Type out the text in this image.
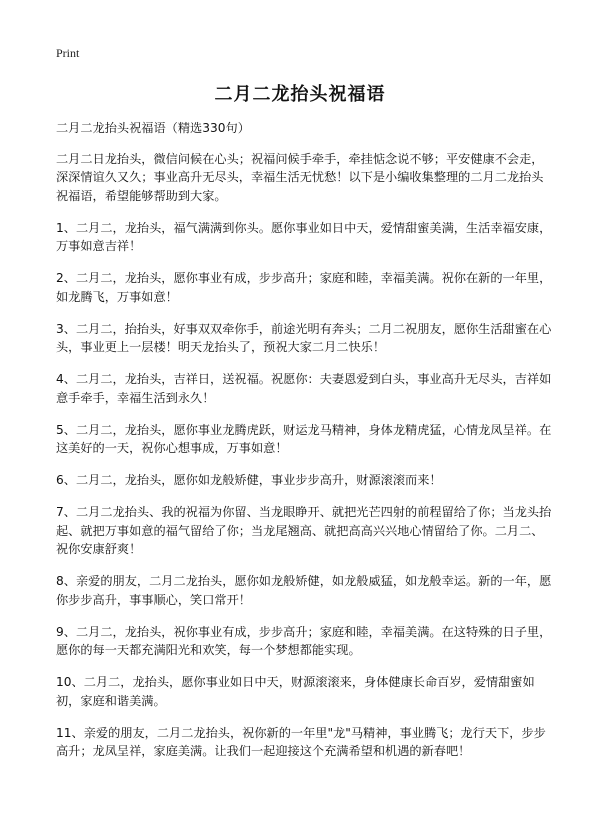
Print
二月二龙抬头祝福语

二月二龙抬头祝福语（精选330句）

二月二日龙抬头，微信问候在心头；祝福问候手牵手，牵挂惦念说不够；平安健康不会走，深深情谊久又久；事业高升无尽头，幸福生活无忧愁！以下是小编收集整理的二月二龙抬头祝福语，希望能够帮助到大家。

1、二月二，龙抬头，福气满满到你头。愿你事业如日中天，爱情甜蜜美满，生活幸福安康，万事如意吉祥！

2、二月二，龙抬头，愿你事业有成，步步高升；家庭和睦，幸福美满。祝你在新的一年里，如龙腾飞，万事如意！

3、二月二，抬抬头，好事双双牵你手，前途光明有奔头；二月二祝朋友，愿你生活甜蜜在心头，事业更上一层楼！明天龙抬头了，预祝大家二月二快乐！

4、二月二，龙抬头，吉祥日，送祝福。祝愿你：夫妻恩爱到白头，事业高升无尽头，吉祥如意手牵手，幸福生活到永久！

5、二月二，龙抬头，愿你事业龙腾虎跃，财运龙马精神，身体龙精虎猛，心情龙凤呈祥。在这美好的一天，祝你心想事成，万事如意！

6、二月二，龙抬头，愿你如龙般矫健，事业步步高升，财源滚滚而来！

7、二月二龙抬头、我的祝福为你留、当龙眼睁开、就把光芒四射的前程留给了你；当龙头抬起、就把万事如意的福气留给了你；当龙尾翘高、就把高高兴兴地心情留给了你。二月二、祝你安康舒爽！

8、亲爱的朋友，二月二龙抬头，愿你如龙般矫健，如龙般威猛，如龙般幸运。新的一年，愿你步步高升，事事顺心，笑口常开！

9、二月二，龙抬头，祝你事业有成，步步高升；家庭和睦，幸福美满。在这特殊的日子里，愿你的每一天都充满阳光和欢笑，每一个梦想都能实现。

10、二月二，龙抬头，愿你事业如日中天，财源滚滚来，身体健康长命百岁，爱情甜蜜如初，家庭和谐美满。

11、亲爱的朋友，二月二龙抬头，祝你新的一年里"龙"马精神，事业腾飞；龙行天下，步步高升；龙凤呈祥，家庭美满。让我们一起迎接这个充满希望和机遇的新春吧！
